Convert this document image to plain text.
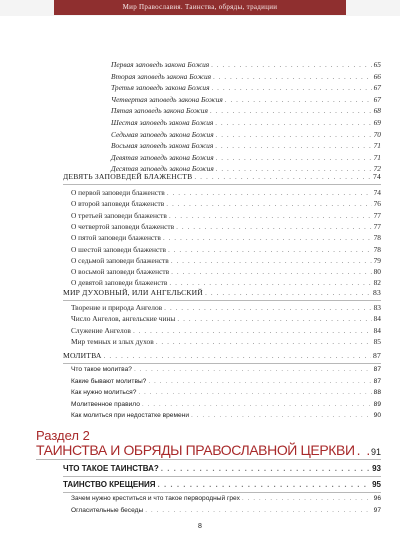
Мир Православия. Таинства, обряды, традиции
ДЕВЯТЬ ЗАПОВЕДЕЙ БЛАЖЕНСТВ . . .	74
МИР ДУХОВНЫЙ, ИЛИ АНГЕЛЬСКИЙ . . .	83
МОЛИТВА . . .	87
Раздел 2
ТАИНСТВА И ОБРЯДЫ ПРАВОСЛАВНОЙ ЦЕРКВИ . . . 91
8
Первая заповедь закона Божия . . .	65
Вторая заповедь закона Божия . . .	66
Третья заповедь закона Божия . . .	67
Четвертая заповедь закона Божия . . .	67
Пятая заповедь закона Божия . . .	68
Шестая заповедь закона Божия . . .	69
Седьмая заповедь закона Божия . . .	70
Восьмая заповедь закона Божия . . .	71
Девятая заповедь закона Божия . . .	71
Десятая заповедь закона Божия . . .	72
О первой заповеди блаженств . . .	74
О второй заповеди блаженств . . .	76
О третьей заповеди блаженств . . .	77
О четвертой заповеди блаженств . . .	77
О пятой заповеди блаженств . . .	78
О шестой заповеди блаженств . . .	78
О седьмой заповеди блаженств . . .	79
О восьмой заповеди блаженств . . .	80
О девятой заповеди блаженств . . .	82
Творение и природа Ангелов . . .	83
Число Ангелов, ангельские чины . . .	84
Служение Ангелов . . .	84
Мир темных и злых духов . . .	85
Что такое молитва? . . .	87
Какие бывают молитвы? . . .	87
Как нужно молиться? . . .	88
Молитвенное правило . . .	89
Как молиться при недостатке времени . . .	90
ЧТО ТАКОЕ ТАИНСТВА? . . .	93
ТАИНСТВО КРЕЩЕНИЯ . . .	95
Зачем нужно креститься и что такое первородный грех . . .	96
Огласительные беседы . . .	97
